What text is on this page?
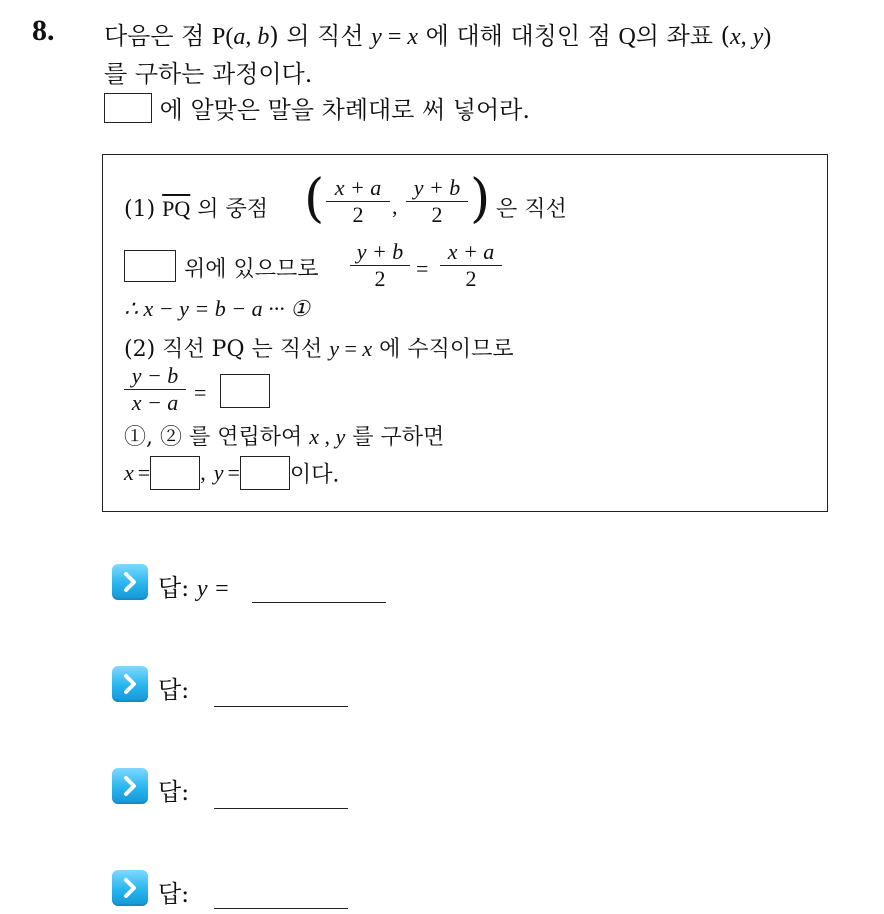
8. 다음은 점 P(a, b) 의 직선 y = x 에 대해 대칭인 점 Q의 좌표 (x, y)
를 구하는 과정이다.
에 알맞은 말을 차례대로 써 넣어라.
(1) $\overline{PQ}$ 의 중점 ( x + a
2	,
y + b
2 ) 은 직선
위에 있으므로
y + b
2	=
x + a
2
∴ x − y = b − a ··· ①
(2) 직선 PQ 는 직선 y = x 에 수직이므로
y − b
x − a =
①, ② 를 연립하여 x , y 를 구하면
x = , y = 이다.
답: y =
답:
답:
답:
